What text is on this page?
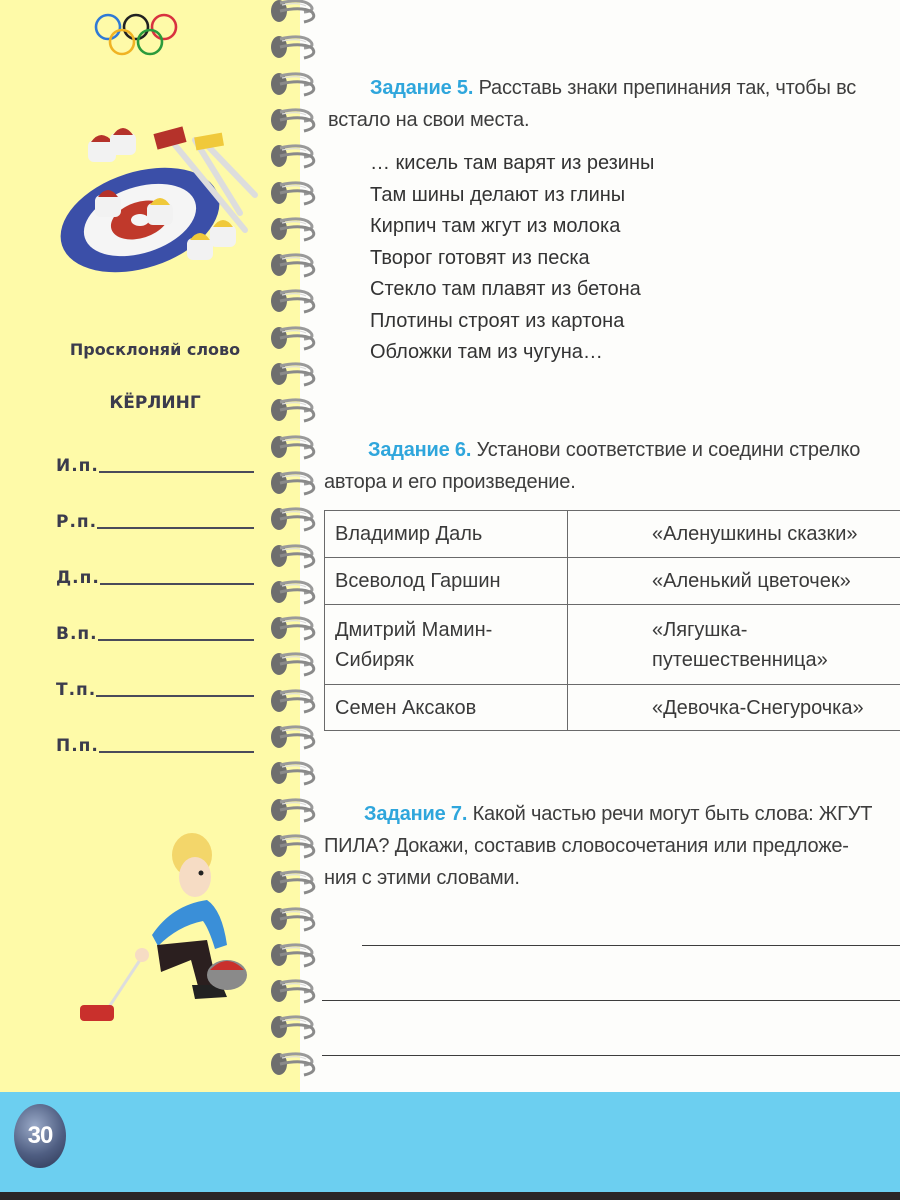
Просклоняй слово
КЁРЛИНГ
И.п.
Р.п.
Д.п.
В.п.
Т.п.
П.п.
Задание 5. Расставь знаки препинания так, чтобы вс
встало на свои места.
… кисель там варят из резины
Там шины делают из глины
Кирпич там жгут из молока
Творог готовят из песка
Стекло там плавят из бетона
Плотины строят из картона
Обложки там из чугуна…
Задание 6. Установи соответствие и соедини стрелко
автора и его произведение.
Владимир Даль	«Аленушкины сказки»
Всеволод Гаршин	«Аленький цветочек»
Дмитрий Мамин-Сибиряк	«Лягушка-путешественница»
Семен Аксаков	«Девочка-Снегурочка»
Задание 7. Какой частью речи могут быть слова: ЖГУТ
ПИЛА? Докажи, составив словосочетания или предложе-
ния с этими словами.
30
